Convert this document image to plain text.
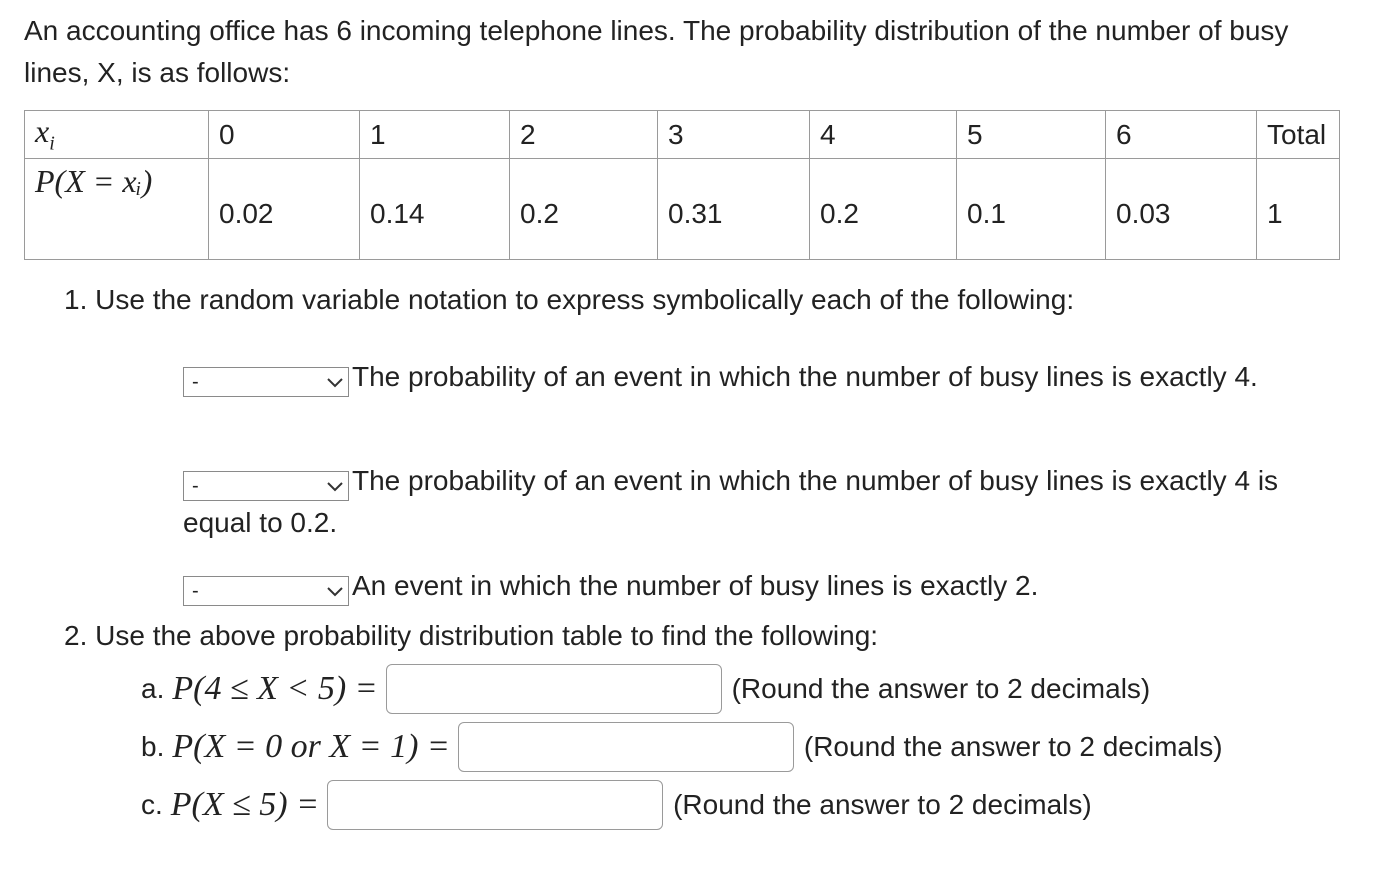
An accounting office has 6 incoming telephone lines. The probability distribution of the number of busy lines, X, is as follows:

$x_i$	0	1	2	3	4	5	6	Total
P(X = xᵢ)	0.02	0.14	0.2	0.31	0.2	0.1	0.03	1

1. Use the random variable notation to express symbolically each of the following:

-	The probability of an event in which the number of busy lines is exactly 4.
-	The probability of an event in which the number of busy lines is exactly 4 is equal to 0.2.
-	An event in which the number of busy lines is exactly 2.

2. Use the above probability distribution table to find the following:

a. P(4 ≤ X < 5) =	(Round the answer to 2 decimals)
b. P(X = 0 or X = 1) =	(Round the answer to 2 decimals)
c. P(X ≤ 5) =	(Round the answer to 2 decimals)
